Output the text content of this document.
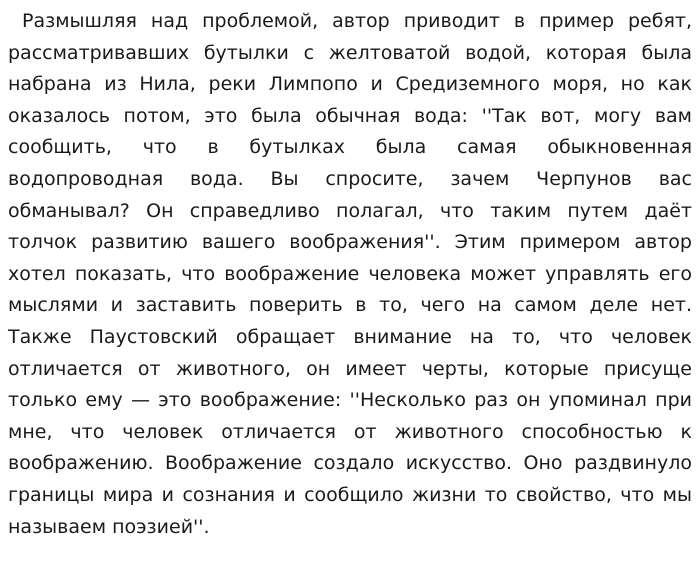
Размышляя над проблемой, автор приводит в пример ребят, рассматривавших бутылки с желтоватой водой, которая была набрана из Нила, реки Лимпопо и Средиземного моря, но как оказалось потом, это была обычная вода: ''Так вот, могу вам сообщить, что в бутылках была самая обыкновенная водопроводная вода. Вы спросите, зачем Черпунов вас обманывал? Он справедливо полагал, что таким путем даёт толчок развитию вашего воображения''. Этим примером автор хотел показать, что воображение человека может управлять его мыслями и заставить поверить в то, чего на самом деле нет. Также Паустовский обращает внимание на то, что человек отличается от животного, он имеет черты, которые присуще только ему — это воображение: ''Несколько раз он упоминал при мне, что человек отличается от животного способностью к воображению. Воображение создало искусство. Оно раздвинуло границы мира и сознания и сообщило жизни то свойство, что мы называем поэзией''.
